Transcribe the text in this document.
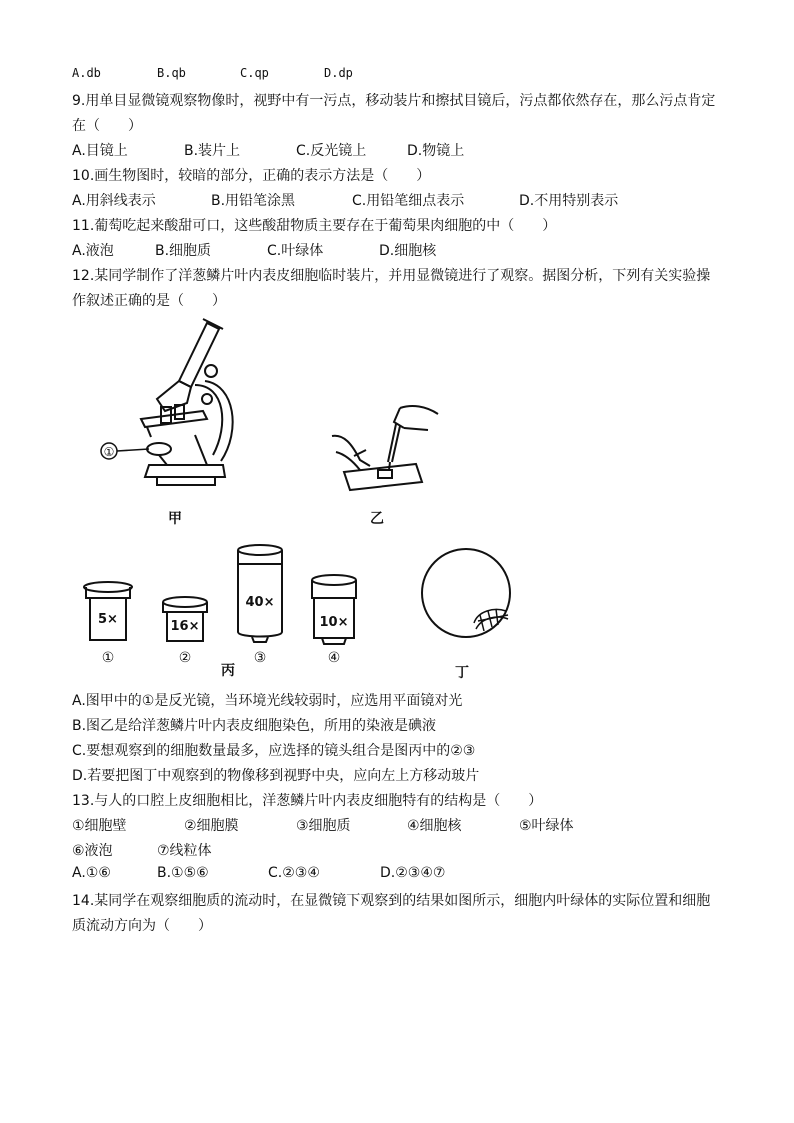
A.db	B.qb	C.qp	D.dp
9.用单目显微镜观察物像时，视野中有一污点，移动装片和擦拭目镜后，污点都依然存在，那么污点肯定
在（　　）
A.目镜上	B.装片上	C.反光镜上	D.物镜上
10.画生物图时，较暗的部分，正确的表示方法是（　　）
A.用斜线表示	B.用铅笔涂黑	C.用铅笔细点表示	D.不用特别表示
11.葡萄吃起来酸甜可口，这些酸甜物质主要存在于葡萄果肉细胞的中（　　）
A.液泡	B.细胞质	C.叶绿体	D.细胞核
12.某同学制作了洋葱鳞片叶内表皮细胞临时装片，并用显微镜进行了观察。据图分析，下列有关实验操
作叙述正确的是（　　）
①
甲	乙
5×	16×
40×
10×
①	②	③	④
丙	丁
A.图甲中的①是反光镜，当环境光线较弱时，应选用平面镜对光
B.图乙是给洋葱鳞片叶内表皮细胞染色，所用的染液是碘液
C.要想观察到的细胞数量最多，应选择的镜头组合是图丙中的②③
D.若要把图丁中观察到的物像移到视野中央，应向左上方移动玻片
13.与人的口腔上皮细胞相比，洋葱鳞片叶内表皮细胞特有的结构是（　　）
①细胞壁	②细胞膜	③细胞质	④细胞核	⑤叶绿体
⑥液泡	⑦线粒体
A.①⑥	B.①⑤⑥	C.②③④	D.②③④⑦
14.某同学在观察细胞质的流动时，在显微镜下观察到的结果如图所示，细胞内叶绿体的实际位置和细胞
质流动方向为（　　）
